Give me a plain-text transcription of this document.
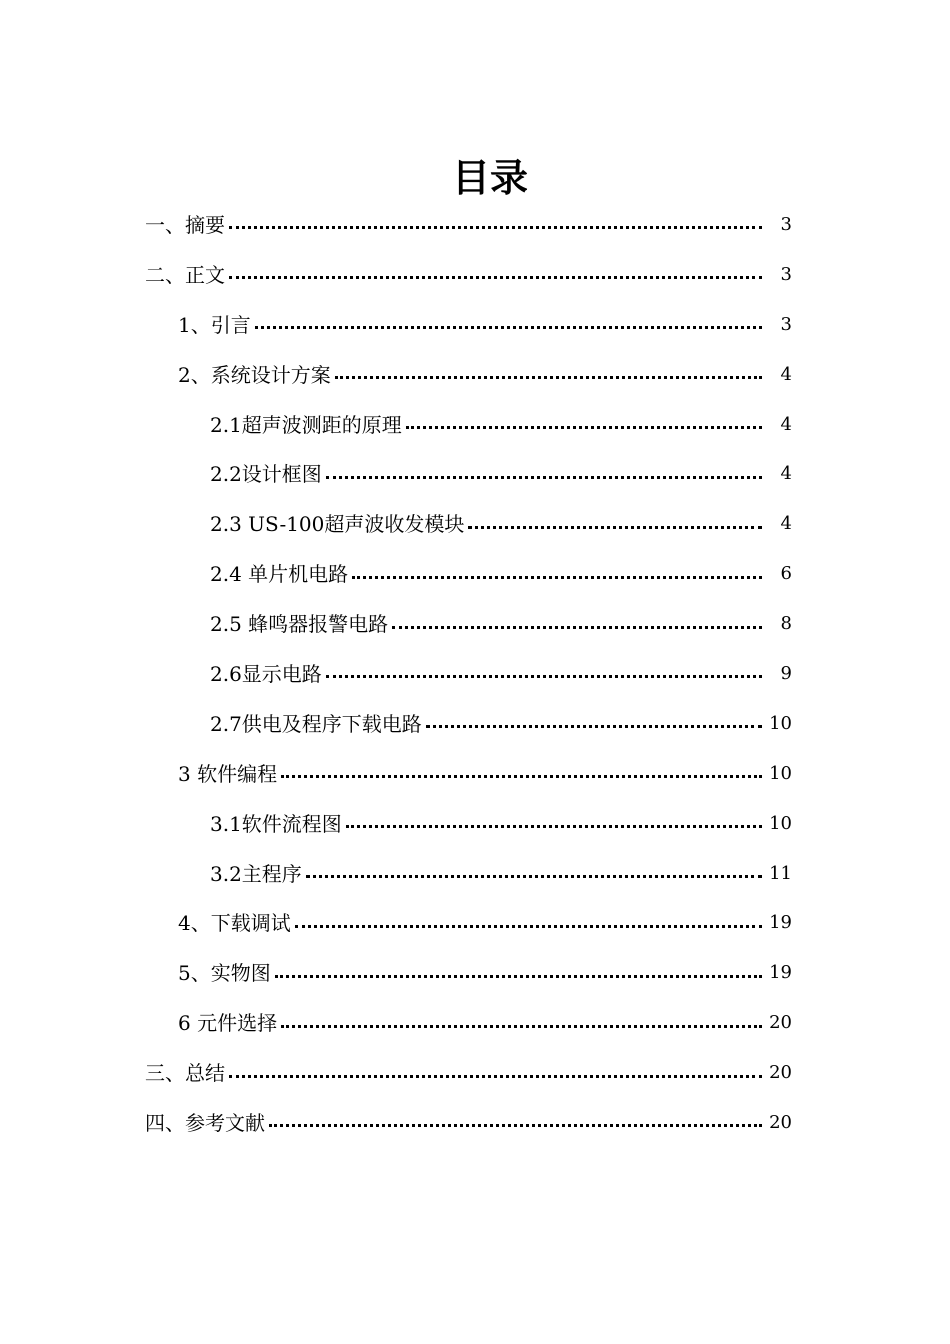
目录
一、摘要	3
二、正文	3
1、引言	3
2、系统设计方案	4
2.1超声波测距的原理	4
2.2设计框图	4
2.3 US-100超声波收发模块	4
2.4 单片机电路	6
2.5 蜂鸣器报警电路	8
2.6显示电路	9
2.7供电及程序下载电路	10
3 软件编程	10
3.1软件流程图	10
3.2主程序	11
4、下载调试	19
5、实物图	19
6 元件选择	20
三、总结	20
四、参考文献	20
